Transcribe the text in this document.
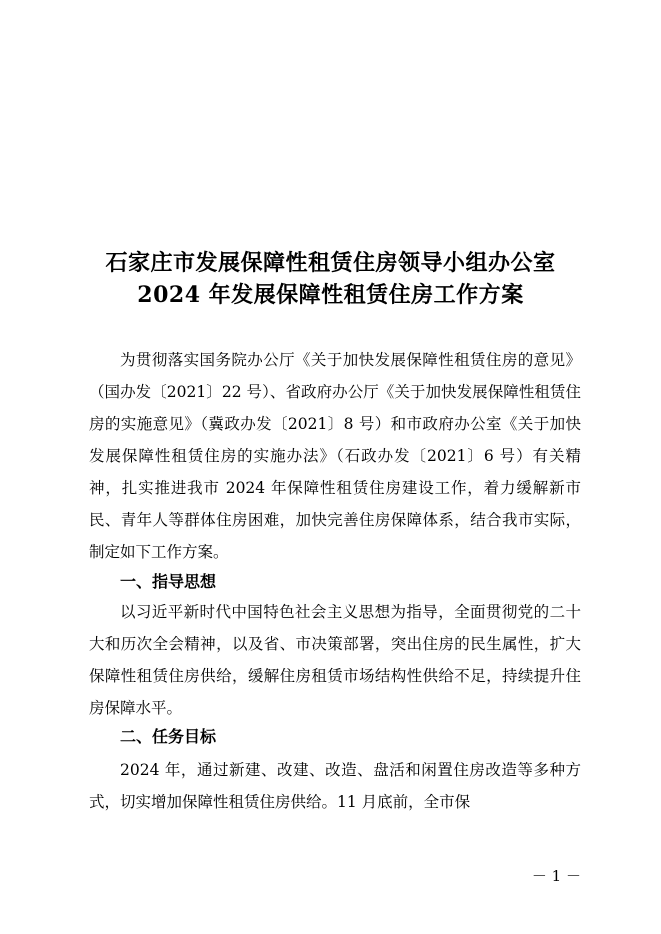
石家庄市发展保障性租赁住房领导小组办公室
2024 年发展保障性租赁住房工作方案
为贯彻落实国务院办公厅《关于加快发展保障性租赁住房的意见》（国办发〔2021〕22 号）、省政府办公厅《关于加快发展保障性租赁住房的实施意见》（冀政办发〔2021〕8 号）和市政府办公室《关于加快发展保障性租赁住房的实施办法》（石政办发〔2021〕6 号）有关精神，扎实推进我市 2024 年保障性租赁住房建设工作，着力缓解新市民、青年人等群体住房困难，加快完善住房保障体系，结合我市实际，制定如下工作方案。
一、指导思想
以习近平新时代中国特色社会主义思想为指导，全面贯彻党的二十大和历次全会精神，以及省、市决策部署，突出住房的民生属性，扩大保障性租赁住房供给，缓解住房租赁市场结构性供给不足，持续提升住房保障水平。
二、任务目标
2024 年，通过新建、改建、改造、盘活和闲置住房改造等多种方式，切实增加保障性租赁住房供给。11 月底前，全市保
－ 1 －
